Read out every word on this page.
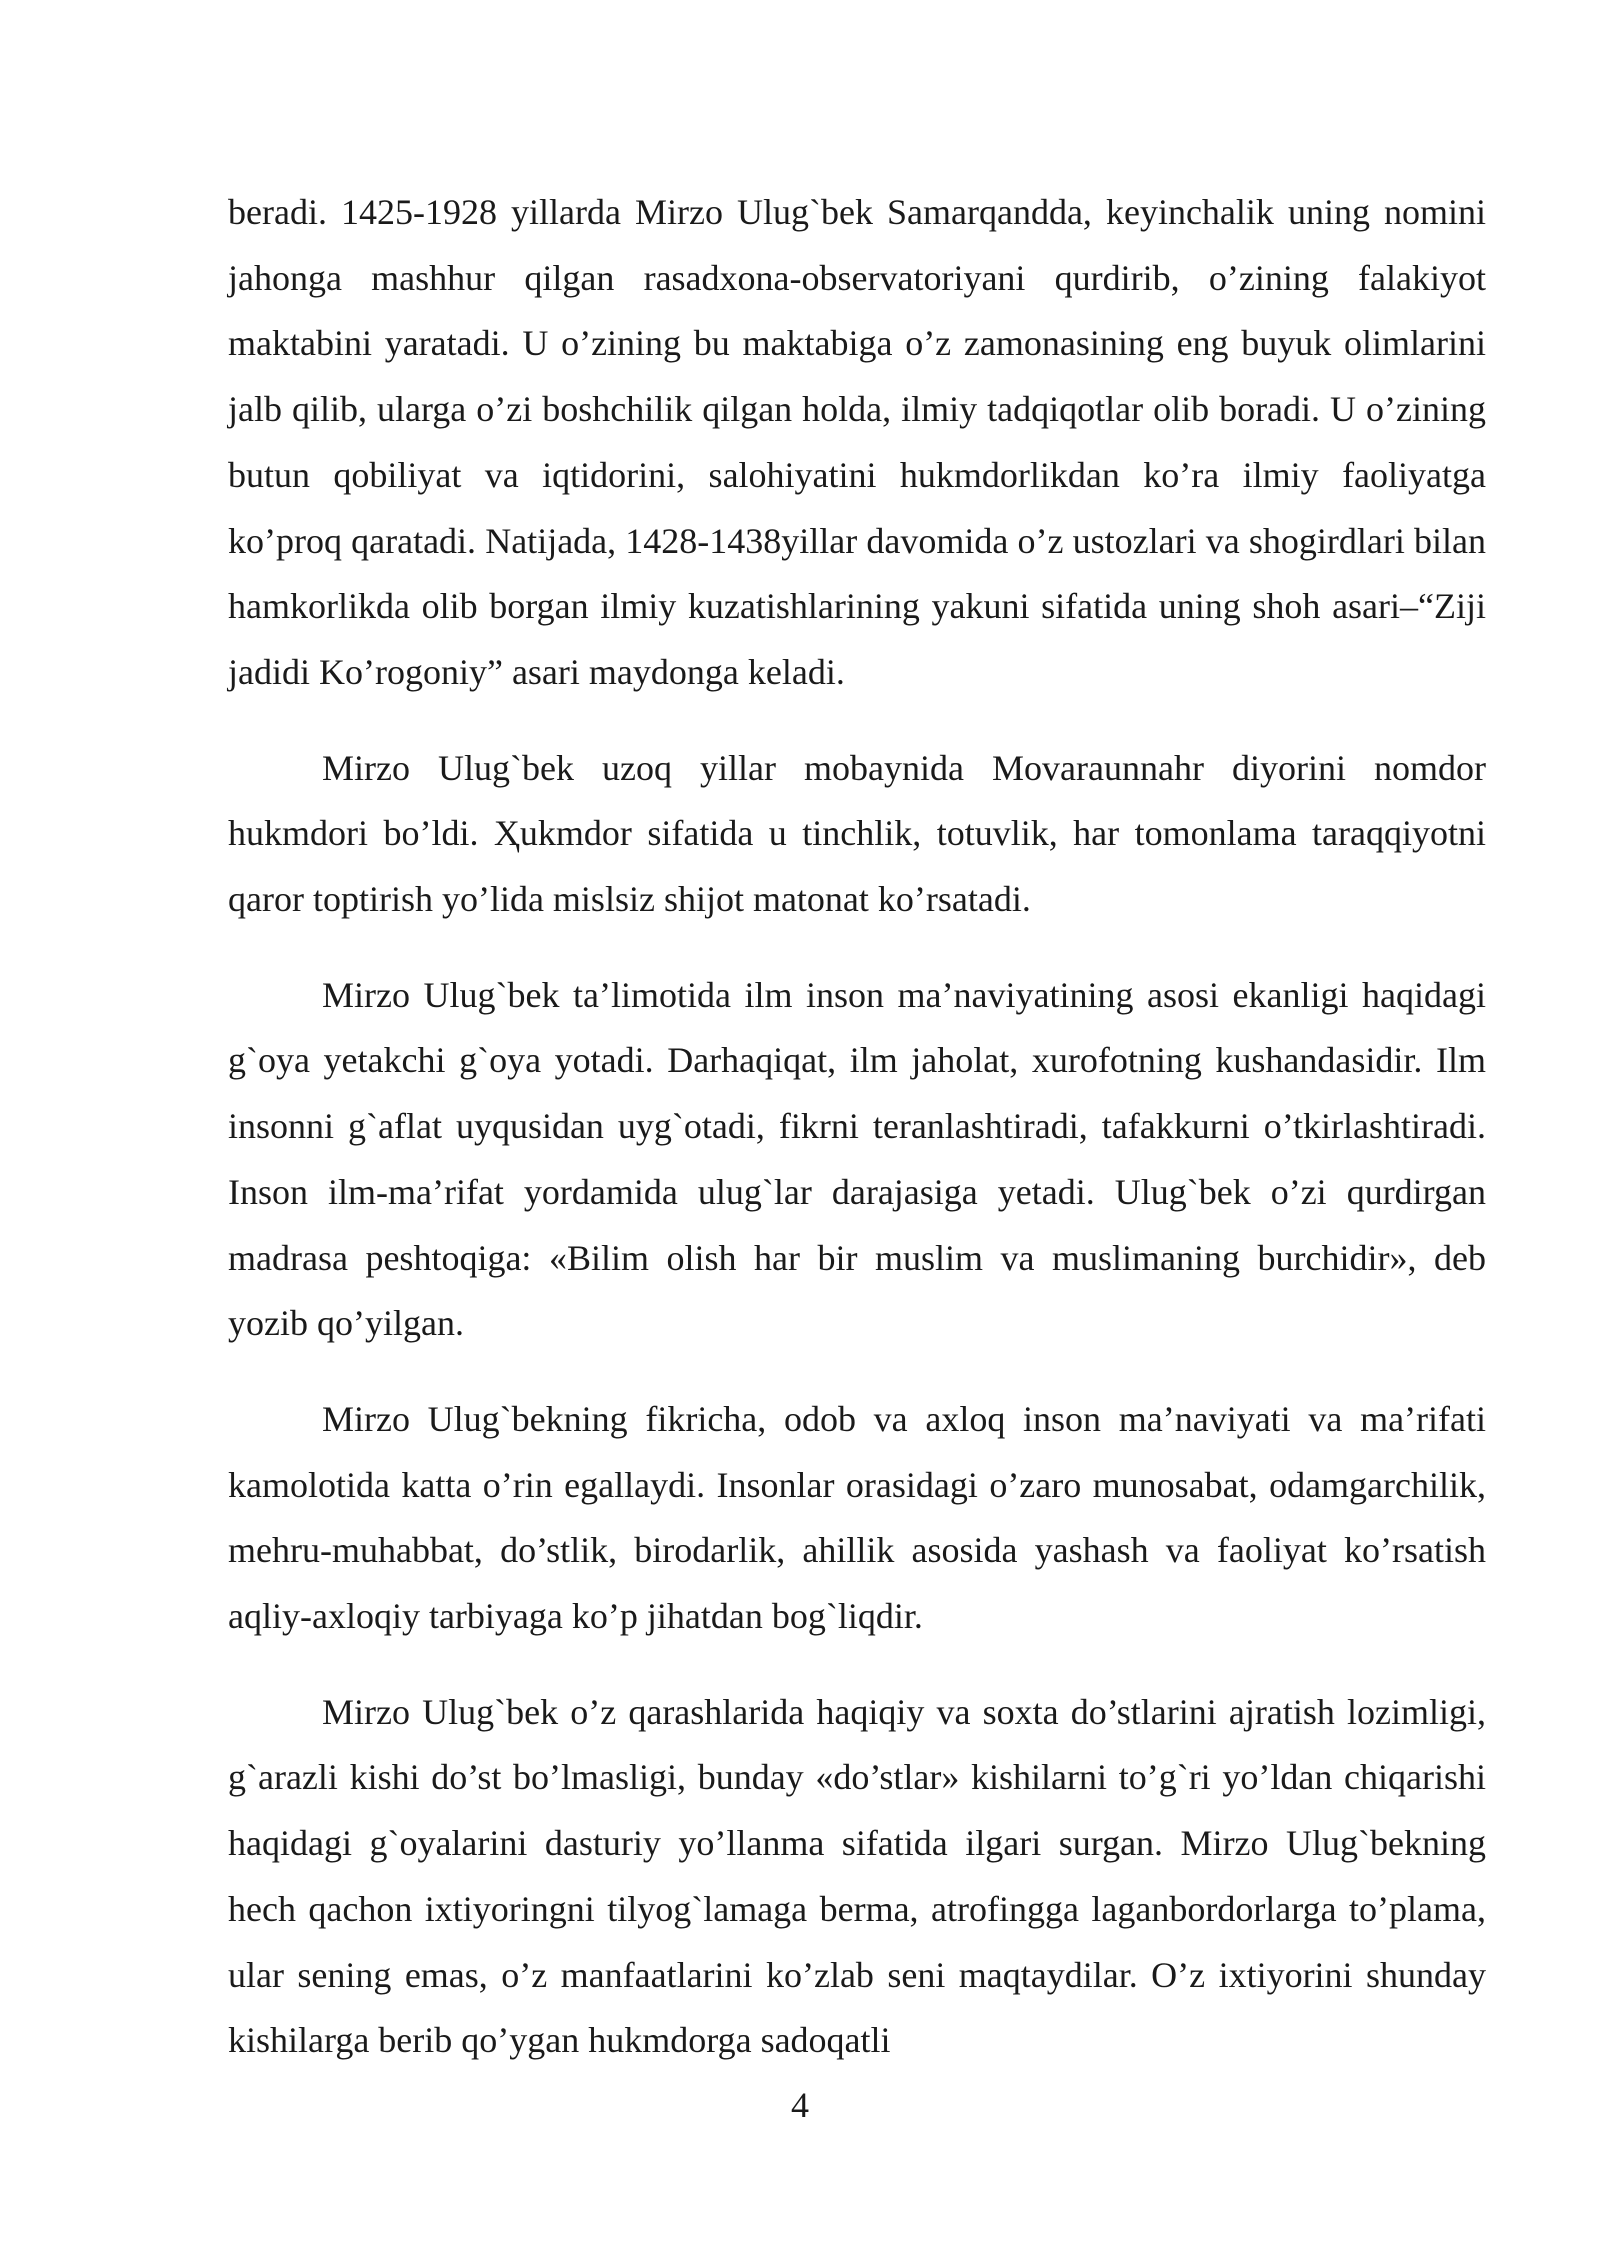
beradi. 1425-1928 yillarda Mirzo Ulug`bek Samarqandda, keyinchalik uning nomini jahonga mashhur qilgan rasadxona-observatoriyani qurdirib, o’zining falakiyot maktabini yaratadi. U o’zining bu maktabiga o’z zamonasining eng buyuk olimlarini jalb qilib, ularga o’zi boshchilik qilgan holda, ilmiy tadqiqotlar olib boradi. U o’zining butun qobiliyat va iqtidorini, salohiyatini hukmdorlikdan ko’ra ilmiy faoliyatga ko’proq qaratadi. Natijada, 1428-1438yillar davomida o’z ustozlari va shogirdlari bilan hamkorlikda olib borgan ilmiy kuzatishlarining yakuni sifatida uning shoh asari–“Ziji jadidi Ko’rogoniy” asari maydonga keladi.

Mirzo Ulug`bek uzoq yillar mobaynida Movaraunnahr diyorini nomdor hukmdori bo’ldi. Ҳukmdor sifatida u tinchlik, totuvlik, har tomonlama taraqqiyotni qaror toptirish yo’lida mislsiz shijot matonat ko’rsatadi.

Mirzo Ulug`bek ta’limotida ilm inson ma’naviyatining asosi ekanligi haqidagi g`oya yetakchi g`oya yotadi. Darhaqiqat, ilm jaholat, xurofotning kushandasidir. Ilm insonni g`aflat uyqusidan uyg`otadi, fikrni teranlashtiradi, tafakkurni o’tkirlashtiradi. Inson ilm-ma’rifat yordamida ulug`lar darajasiga yetadi. Ulug`bek o’zi qurdirgan madrasa peshtoqiga: «Bilim olish har bir muslim va muslimaning burchidir», deb yozib qo’yilgan.

Mirzo Ulug`bekning fikricha, odob va axloq inson ma’naviyati va ma’rifati kamolotida katta o’rin egallaydi. Insonlar orasidagi o’zaro munosabat, odamgarchilik, mehru-muhabbat, do’stlik, birodarlik, ahillik asosida yashash va faoliyat ko’rsatish aqliy-axloqiy tarbiyaga ko’p jihatdan bog`liqdir.

Mirzo Ulug`bek o’z qarashlarida haqiqiy va soxta do’stlarini ajratish lozimligi, g`arazli kishi do’st bo’lmasligi, bunday «do’stlar» kishilarni to’g`ri yo’ldan chiqarishi haqidagi g`oyalarini dasturiy yo’llanma sifatida ilgari surgan. Mirzo Ulug`bekning hech qachon ixtiyoringni tilyog`lamaga berma, atrofingga laganbordorlarga to’plama, ular sening emas, o’z manfaatlarini ko’zlab seni maqtaydilar. O’z ixtiyorini shunday kishilarga berib qo’ygan hukmdorga sadoqatli

4
